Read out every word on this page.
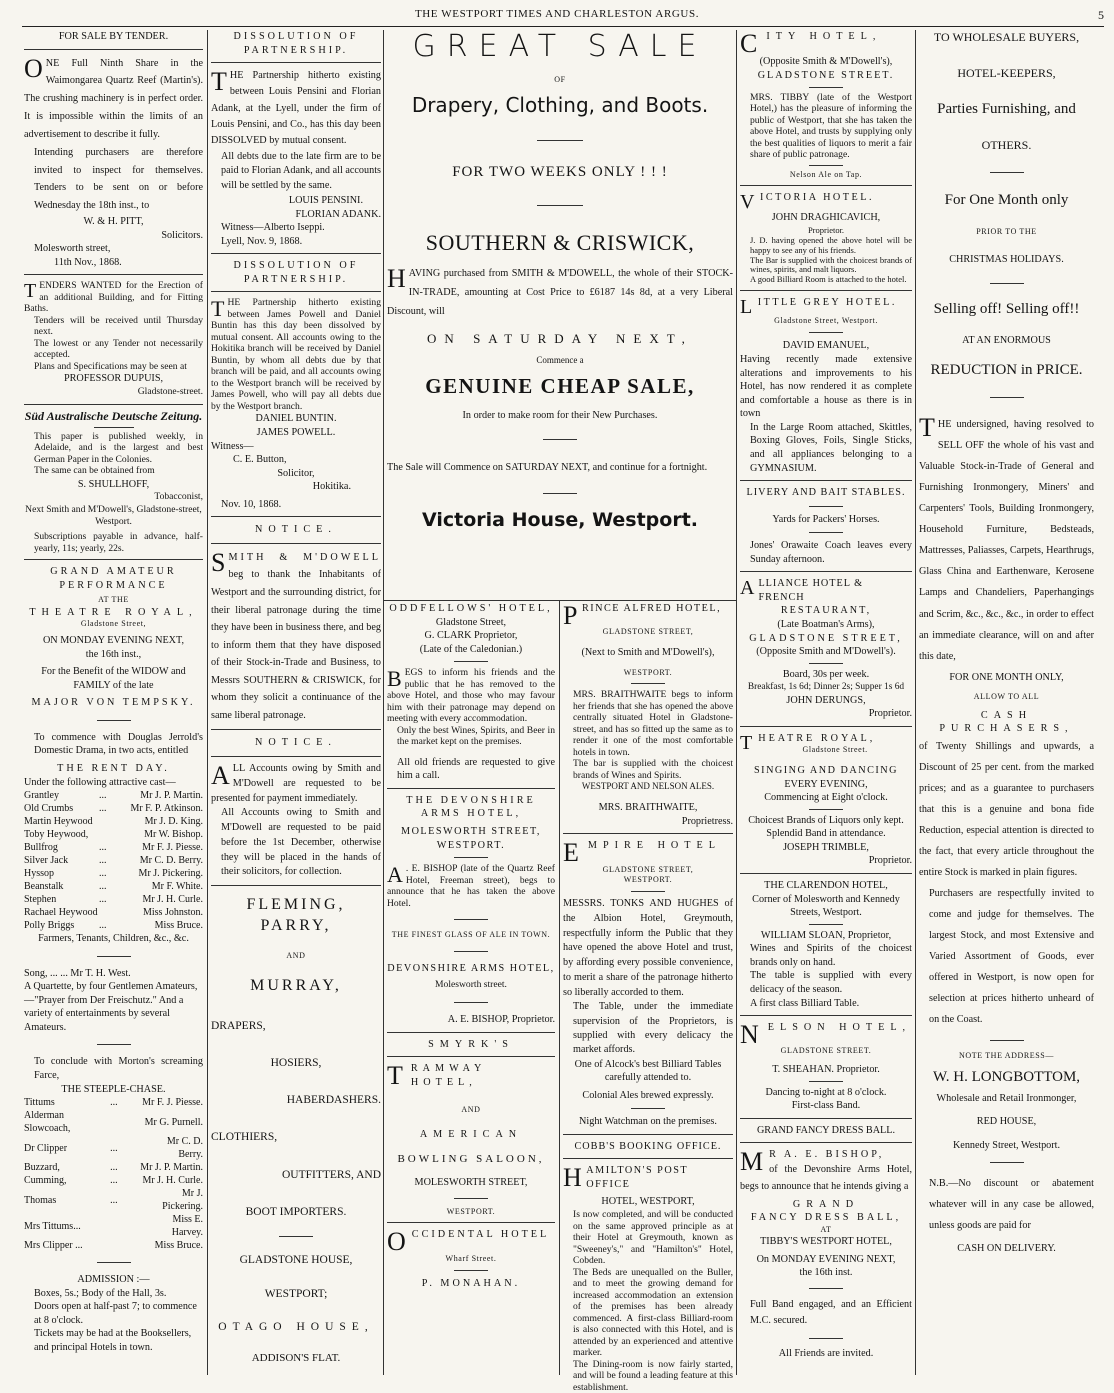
THE WESTPORT TIMES AND CHARLESTON ARGUS.	5

FOR SALE BY TENDER.

ONE Full Ninth Share in the Waimongarea Quartz Reef (Martin's). The crushing machinery is in perfect order. It is impossible within the limits of an advertisement to describe it fully.

Intending purchasers are therefore invited to inspect for themselves. Tenders to be sent on or before Wednesday the 18th inst., to

W. & H. PITT,

Solicitors.

Molesworth street,

11th Nov., 1868.

TENDERS WANTED for the Erection of an additional Building, and for Fitting Baths.

Tenders will be received until Thursday next.

The lowest or any Tender not necessarily accepted.

Plans and Specifications may be seen at

PROFESSOR DUPUIS,

Gladstone-street.

Süd Australische Deutsche Zeitung.

This paper is published weekly, in Adelaide, and is the largest and best German Paper in the Colonies.

The same can be obtained from

S. SHULLHOFF,

Tobacconist,

Next Smith and M'Dowell's, Gladstone-street, Westport.

Subscriptions payable in advance, half-yearly, 11s; yearly, 22s.

GRAND AMATEUR PERFORMANCE

AT THE

THEATRE ROYAL,

Gladstone Street,

ON MONDAY EVENING NEXT,

the 16th inst.,

For the Benefit of the WIDOW and FAMILY of the late

MAJOR VON TEMPSKY.

To commence with Douglas Jerrold's Domestic Drama, in two acts, entitled

THE RENT DAY.

Under the following attractive cast—

Grantley	...	Mr J. P. Martin.
Old Crumbs	...	Mr F. P. Atkinson.
Martin Heywood		Mr J. D. King.
Toby Heywood,		Mr W. Bishop.
Bullfrog	...	Mr F. J. Piesse.
Silver Jack	...	Mr C. D. Berry.
Hyssop	...	Mr J. Pickering.
Beanstalk	...	Mr F. White.
Stephen	...	Mr J. H. Curle.
Rachael Heywood		Miss Johnston.
Polly Briggs	...	Miss Bruce.

Farmers, Tenants, Children, &c., &c.

Song, ... ... Mr T. H. West.

A Quartette, by four Gentlemen Amateurs,—"Prayer from Der Freischutz." And a variety of entertainments by several Amateurs.

To conclude with Morton's screaming Farce,

THE STEEPLE-CHASE.

Tittums	...	Mr F. J. Piesse.
Alderman Slowcoach,		Mr G. Purnell.
Dr Clipper	...	Mr C. D. Berry.
Buzzard,	...	Mr J. P. Martin.
Cumming,	...	Mr J. H. Curle.
Thomas	...	Mr J. Pickering.
Mrs Tittums...		Miss E. Harvey.
Mrs Clipper ...		Miss Bruce.

ADMISSION :—

Boxes, 5s.; Body of the Hall, 3s.

Doors open at half-past 7; to commence at 8 o'clock.

Tickets may be had at the Booksellers, and principal Hotels in town.

DISSOLUTION OF PARTNERSHIP.

THE Partnership hitherto existing between Louis Pensini and Florian Adank, at the Lyell, under the firm of Louis Pensini, and Co., has this day been DISSOLVED by mutual consent.

All debts due to the late firm are to be paid to Florian Adank, and all accounts will be settled by the same.

LOUIS PENSINI.

FLORIAN ADANK.

Witness—Alberto Iseppi.

Lyell, Nov. 9, 1868.

DISSOLUTION OF PARTNERSHIP.

THE Partnership hitherto existing between James Powell and Daniel Buntin has this day been dissolved by mutual consent. All accounts owing to the Hokitika branch will be received by Daniel Buntin, by whom all debts due by that branch will be paid, and all accounts owing to the Westport branch will be received by James Powell, who will pay all debts due by the Westport branch.

DANIEL BUNTIN.

JAMES POWELL.

Witness—

C. E. Button,

Solicitor,

Hokitika.

Nov. 10, 1868.

NOTICE.

SMITH & M'DOWELL beg to thank the Inhabitants of Westport and the surrounding district, for their liberal patronage during the time they have been in business there, and beg to inform them that they have disposed of their Stock-in-Trade and Business, to Messrs SOUTHERN & CRISWICK, for whom they solicit a continuance of the same liberal patronage.

NOTICE.

ALL Accounts owing by Smith and M'Dowell are requested to be presented for payment immediately.

All Accounts owing to Smith and M'Dowell are requested to be paid before the 1st December, otherwise they will be placed in the hands of their solicitors, for collection.

FLEMING, PARRY,

AND

MURRAY,

DRAPERS,

HOSIERS,

HABERDASHERS.

CLOTHIERS,

OUTFITTERS, AND

BOOT IMPORTERS.

GLADSTONE HOUSE,

WESTPORT;

OTAGO HOUSE,

ADDISON'S FLAT.

GREAT SALE

OF

Drapery, Clothing, and Boots.

FOR TWO WEEKS ONLY ! ! !

SOUTHERN & CRISWICK,

HAVING purchased from SMITH & M'DOWELL, the whole of their STOCK-IN-TRADE, amounting at Cost Price to £6187 14s 8d, at a very Liberal Discount, will

ON SATURDAY NEXT,

Commence a

GENUINE CHEAP SALE,

In order to make room for their New Purchases.

The Sale will Commence on SATURDAY NEXT, and continue for a fortnight.

Victoria House, Westport.

ODDFELLOWS' HOTEL,

Gladstone Street,

G. CLARK Proprietor,

(Late of the Caledonian.)

BEGS to inform his friends and the public that he has removed to the above Hotel, and those who may favour him with their patronage may depend on meeting with every accommodation.

Only the best Wines, Spirits, and Beer in the market kept on the premises.

All old friends are requested to give him a call.

THE DEVONSHIRE ARMS HOTEL,

MOLESWORTH STREET, WESTPORT.

A . E. BISHOP (late of the Quartz Reef Hotel, Freeman street), begs to announce that he has taken the above Hotel.

THE FINEST GLASS OF ALE IN TOWN.

DEVONSHIRE ARMS HOTEL,

Molesworth street.

A. E. BISHOP, Proprietor.

SMYRK'S

TRAMWAY HOTEL,

AND

AMERICAN

BOWLING SALOON,

MOLESWORTH STREET,

WESTPORT.

OCCIDENTAL HOTEL

Wharf Street.

P. MONAHAN.

PRINCE ALFRED HOTEL,

GLADSTONE STREET,

(Next to Smith and M'Dowell's),

WESTPORT.

MRS. BRAITHWAITE begs to inform her friends that she has opened the above centrally situated Hotel in Gladstone-street, and has so fitted up the same as to render it one of the most comfortable hotels in town.

The bar is supplied with the choicest brands of Wines and Spirits.

WESTPORT AND NELSON ALES.

MRS. BRAITHWAITE,

Proprietress.

EMPIRE HOTEL

GLADSTONE STREET,

WESTPORT.

MESSRS. TONKS AND HUGHES of the Albion Hotel, Greymouth, respectfully inform the Public that they have opened the above Hotel and trust, by affording every possible convenience, to merit a share of the patronage hitherto so liberally accorded to them.

The Table, under the immediate supervision of the Proprietors, is supplied with every delicacy the market affords.

One of Alcock's best Billiard Tables carefully attended to.

Colonial Ales brewed expressly.

Night Watchman on the premises.

COBB'S BOOKING OFFICE.

HAMILTON'S POST OFFICE

HOTEL, WESTPORT,

Is now completed, and will be conducted on the same approved principle as at their Hotel at Greymouth, known as "Sweeney's," and "Hamilton's" Hotel, Cobden.

The Beds are unequalled on the Buller, and to meet the growing demand for increased accommodation an extension of the premises has been already commenced. A first-class Billiard-room is also connected with this Hotel, and is attended by an experienced and attentive marker.

The Dining-room is now fairly started, and will be found a leading feature at this establishment.

CITY HOTEL,

(Opposite Smith & M'Dowell's),

GLADSTONE STREET.

MRS. TIBBY (late of the Westport Hotel,) has the pleasure of informing the public of Westport, that she has taken the above Hotel, and trusts by supplying only the best qualities of liquors to merit a fair share of public patronage.

Nelson Ale on Tap.

VICTORIA HOTEL.

JOHN DRAGHICAVICH,

Proprietor.

J. D. having opened the above hotel will be happy to see any of his friends.

The Bar is supplied with the choicest brands of wines, spirits, and malt liquors.

A good Billiard Room is attached to the hotel.

LITTLE GREY HOTEL.

Gladstone Street, Westport.

DAVID EMANUEL,

Having recently made extensive alterations and improvements to his Hotel, has now rendered it as complete and comfortable a house as there is in town

In the Large Room attached, Skittles, Boxing Gloves, Foils, Single Sticks, and all appliances belonging to a GYMNASIUM.

LIVERY AND BAIT STABLES.

Yards for Packers' Horses.

Jones' Orawaite Coach leaves every Sunday afternoon.

ALLIANCE HOTEL & FRENCH

RESTAURANT,

(Late Boatman's Arms),

GLADSTONE STREET,

(Opposite Smith and M'Dowell's).

Board, 30s per week.

Breakfast, 1s 6d; Dinner 2s; Supper 1s 6d

JOHN DERUNGS,

Proprietor.

THEATRE ROYAL,

Gladstone Street.

SINGING AND DANCING

EVERY EVENING,

Commencing at Eight o'clock.

Choicest Brands of Liquors only kept.

Splendid Band in attendance.

JOSEPH TRIMBLE,

Proprietor.

THE CLARENDON HOTEL,

Corner of Molesworth and Kennedy Streets, Westport.

WILLIAM SLOAN, Proprietor,

Wines and Spirits of the choicest brands only on hand.

The table is supplied with every delicacy of the season.

A first class Billiard Table.

NELSON HOTEL,

GLADSTONE STREET.

T. SHEAHAN. Proprietor.

Dancing to-night at 8 o'clock.

First-class Band.

GRAND FANCY DRESS BALL.

M R A. E. BISHOP,

of the Devonshire Arms Hotel, begs to announce that he intends giving a

GRAND

FANCY DRESS BALL,

AT

TIBBY'S WESTPORT HOTEL,

On MONDAY EVENING NEXT,

the 16th inst.

Full Band engaged, and an Efficient M.C. secured.

All Friends are invited.

TO WHOLESALE BUYERS,

HOTEL-KEEPERS,

Parties Furnishing, and

OTHERS.

For One Month only

PRIOR TO THE

CHRISTMAS HOLIDAYS.

Selling off! Selling off!!

AT AN ENORMOUS

REDUCTION in PRICE.

THE undersigned, having resolved to SELL OFF the whole of his vast and Valuable Stock-in-Trade of General and Furnishing Ironmongery, Miners' and Carpenters' Tools, Building Ironmongery, Household Furniture, Bedsteads, Mattresses, Paliasses, Carpets, Hearthrugs, Glass China and Earthenware, Kerosene Lamps and Chandeliers, Paperhangings and Scrim, &c., &c., &c., in order to effect an immediate clearance, will on and after this date,

FOR ONE MONTH ONLY,

ALLOW TO ALL

CASH PURCHASERS,

of Twenty Shillings and upwards, a Discount of 25 per cent. from the marked prices; and as a guarantee to purchasers that this is a genuine and bona fide Reduction, especial attention is directed to the fact, that every article throughout the entire Stock is marked in plain figures.

Purchasers are respectfully invited to come and judge for themselves. The largest Stock, and most Extensive and Varied Assortment of Goods, ever offered in Westport, is now open for selection at prices hitherto unheard of on the Coast.

NOTE THE ADDRESS—

W. H. LONGBOTTOM,

Wholesale and Retail Ironmonger,

RED HOUSE,

Kennedy Street, Westport.

N.B.—No discount or abatement whatever will in any case be allowed, unless goods are paid for

CASH ON DELIVERY.
